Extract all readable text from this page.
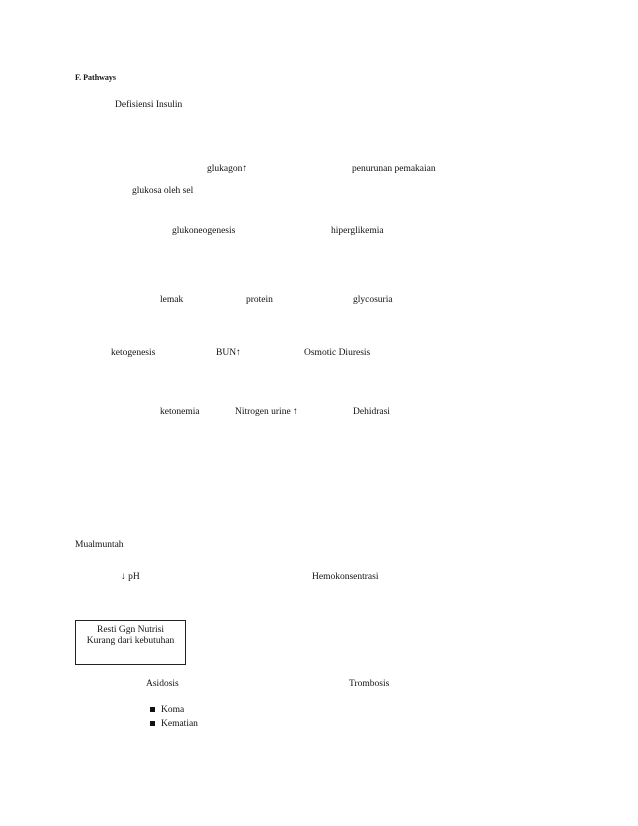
F. Pathways
Defisiensi Insulin
glukagon↑	penurunan pemakaian
glukosa oleh sel
glukoneogenesis	hiperglikemia
lemak	protein	glycosuria
ketogenesis	BUN↑	Osmotic Diuresis
ketonemia	Nitrogen urine ↑	Dehidrasi
Mualmuntah
↓ pH	Hemokonsentrasi
Resti Ggn Nutrisi
Kurang dari kebutuhan
Asidosis	Trombosis
Koma
Kematian
